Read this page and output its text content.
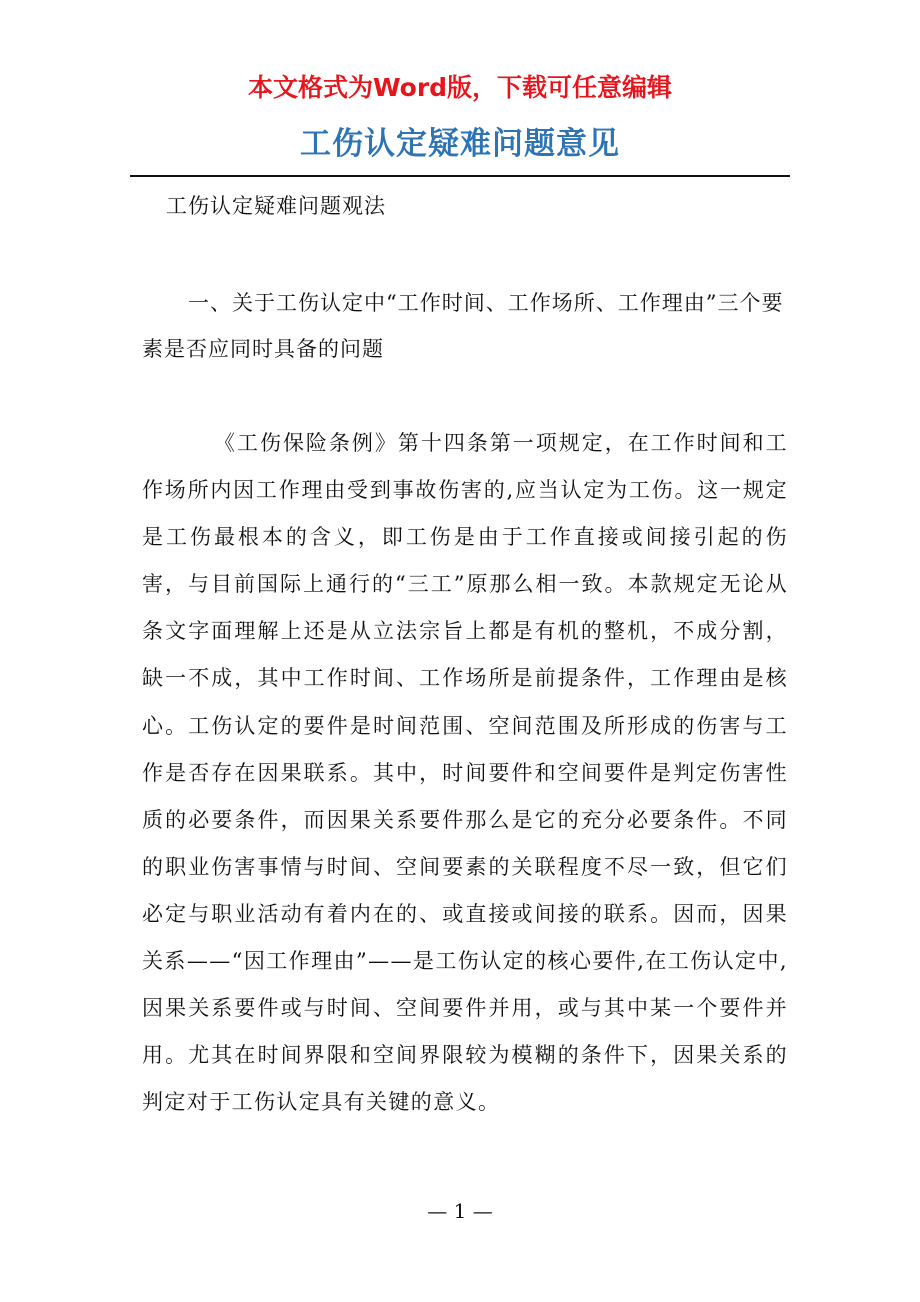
本文格式为Word版，下载可任意编辑
工伤认定疑难问题意见
工伤认定疑难问题观法
一、关于工伤认定中“工作时间、工作场所、工作理由”三个要素是否应同时具备的问题
《工伤保险条例》第十四条第一项规定，在工作时间和工作场所内因工作理由受到事故伤害的,应当认定为工伤。这一规定是工伤最根本的含义，即工伤是由于工作直接或间接引起的伤害，与目前国际上通行的“三工”原那么相一致。本款规定无论从条文字面理解上还是从立法宗旨上都是有机的整机，不成分割，缺一不成，其中工作时间、工作场所是前提条件，工作理由是核心。工伤认定的要件是时间范围、空间范围及所形成的伤害与工作是否存在因果联系。其中，时间要件和空间要件是判定伤害性质的必要条件，而因果关系要件那么是它的充分必要条件。不同的职业伤害事情与时间、空间要素的关联程度不尽一致，但它们必定与职业活动有着内在的、或直接或间接的联系。因而，因果关系——“因工作理由”——是工伤认定的核心要件,在工伤认定中,因果关系要件或与时间、空间要件并用，或与其中某一个要件并用。尤其在时间界限和空间界限较为模糊的条件下，因果关系的判定对于工伤认定具有关键的意义。
— 1 —
